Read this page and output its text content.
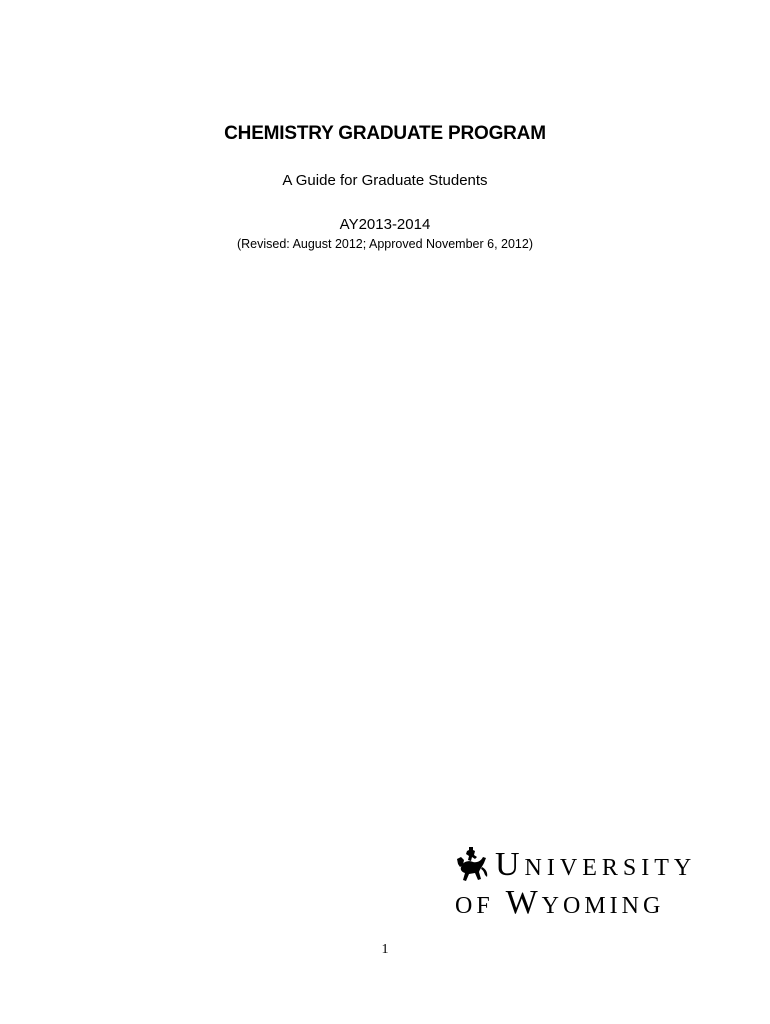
CHEMISTRY GRADUATE PROGRAM
A Guide for Graduate Students
AY2013-2014
(Revised: August 2012; Approved November 6, 2012)
University
of Wyoming
1
